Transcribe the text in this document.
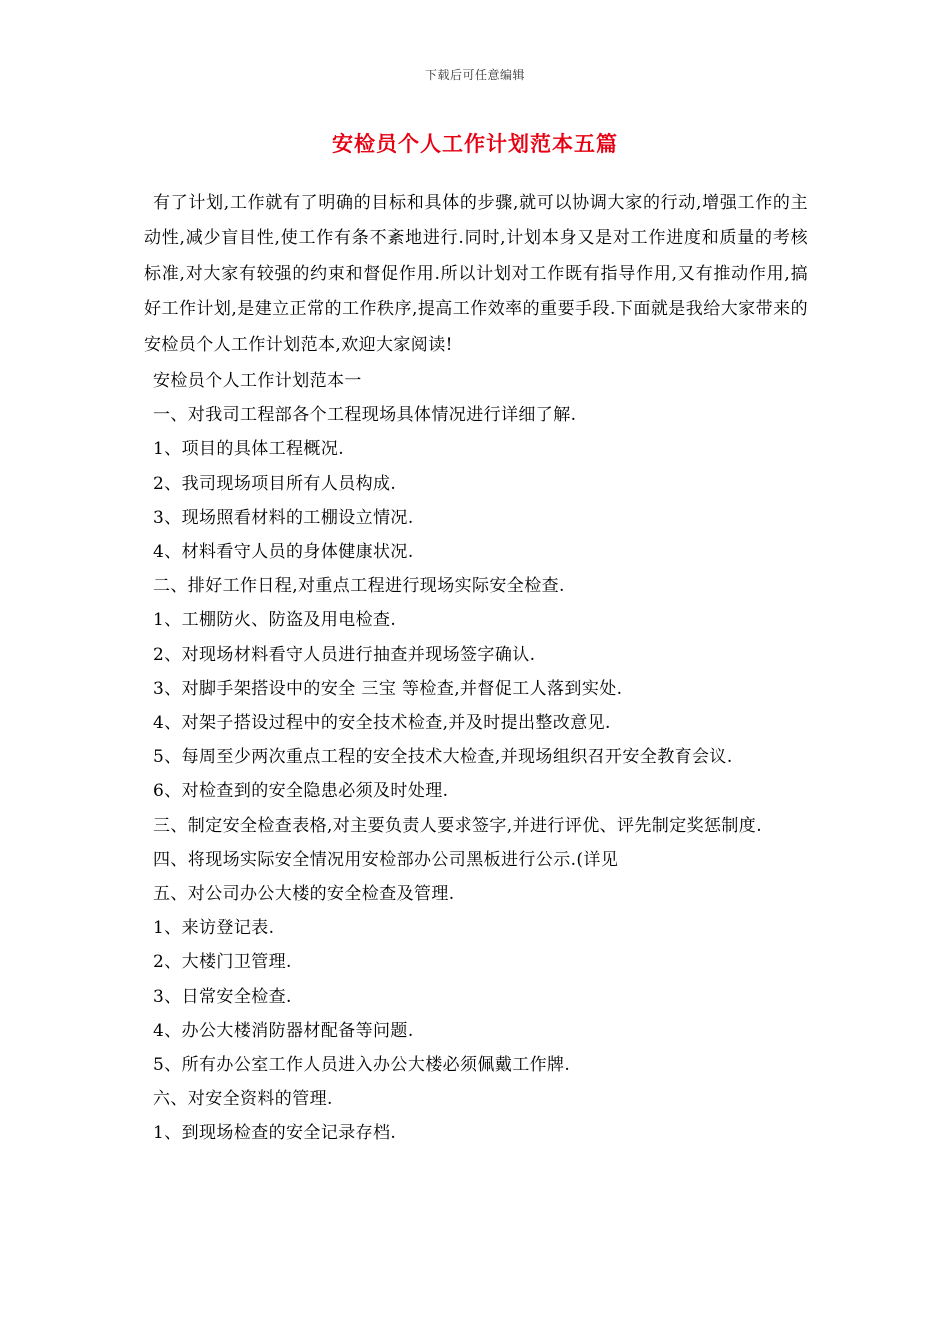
下载后可任意编辑
安检员个人工作计划范本五篇

有了计划,工作就有了明确的目标和具体的步骤,就可以协调大家的行动,增强工作的主动性,减少盲目性,使工作有条不紊地进行.同时,计划本身又是对工作进度和质量的考核标准,对大家有较强的约束和督促作用.所以计划对工作既有指导作用,又有推动作用,搞好工作计划,是建立正常的工作秩序,提高工作效率的重要手段.下面就是我给大家带来的安检员个人工作计划范本,欢迎大家阅读!

安检员个人工作计划范本一

一、对我司工程部各个工程现场具体情况进行详细了解.

1、项目的具体工程概况.

2、我司现场项目所有人员构成.

3、现场照看材料的工棚设立情况.

4、材料看守人员的身体健康状况.

二、排好工作日程,对重点工程进行现场实际安全检查.

1、工棚防火、防盗及用电检查.

2、对现场材料看守人员进行抽查并现场签字确认.

3、对脚手架搭设中的安全 三宝 等检查,并督促工人落到实处.

4、对架子搭设过程中的安全技术检查,并及时提出整改意见.

5、每周至少两次重点工程的安全技术大检查,并现场组织召开安全教育会议.

6、对检查到的安全隐患必须及时处理.

三、制定安全检查表格,对主要负责人要求签字,并进行评优、评先制定奖惩制度.

四、将现场实际安全情况用安检部办公司黑板进行公示.(详见

五、对公司办公大楼的安全检查及管理.

1、来访登记表.

2、大楼门卫管理.

3、日常安全检查.

4、办公大楼消防器材配备等问题.

5、所有办公室工作人员进入办公大楼必须佩戴工作牌.

六、对安全资料的管理.

1、到现场检查的安全记录存档.
